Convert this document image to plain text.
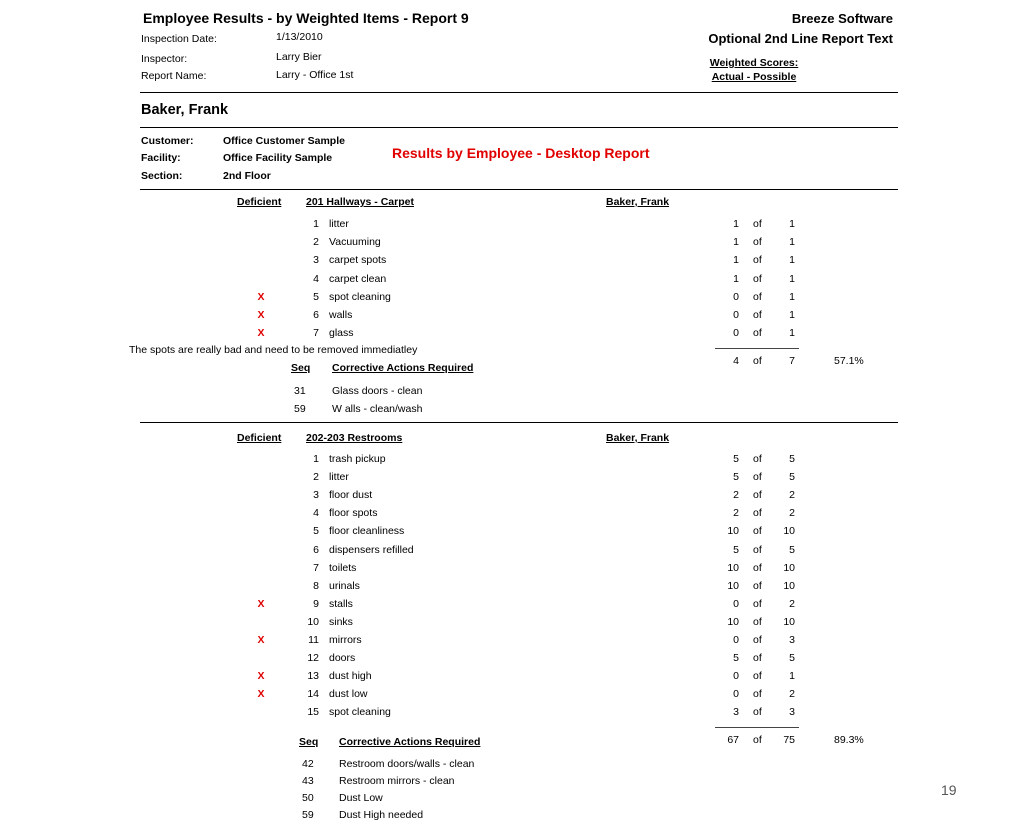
Employee Results - by Weighted Items - Report 9	Breeze Software
Optional 2nd Line Report Text
Weighted Scores:
Actual - Possible
Inspection Date:	1/13/2010
Inspector:	Larry Bier
Report Name:	Larry - Office 1st
Baker, Frank
Customer:	Office Customer Sample
Facility:	Office Facility Sample
Section:	2nd Floor
Results by Employee - Desktop Report
Deficient 201 Hallways - Carpet	Baker, Frank
1 litter	1 of	1
2 Vacuuming	1 of	1
3 carpet spots	1 of	1
4 carpet clean	1 of	1
X	5 spot cleaning	0 of	1
X	6 walls	0 of	1
X	7 glass	0 of	1
The spots are really bad and need to be removed immediatley
4 of	7	57.1%
Seq Corrective Actions Required
31	Glass doors - clean
59	W alls - clean/wash
Deficient 202-203 Restrooms	Baker, Frank
1 trash pickup	5 of	5
2 litter	5 of	5
3 floor dust	2 of	2
4 floor spots	2 of	2
5 floor cleanliness	10 of	10
6 dispensers refilled	5 of	5
7 toilets	10 of	10
8 urinals	10 of	10
X	9 stalls	0 of	2
10 sinks	10 of	10
X	11 mirrors	0 of	3
12 doors	5 of	5
X	13 dust high	0 of	1
X	14 dust low	0 of	2
15 spot cleaning	3 of	3
67 of	75	89.3%
Seq Corrective Actions Required
42 Restroom doors/walls - clean
43 Restroom mirrors - clean
50 Dust Low
59 Dust High needed
19
